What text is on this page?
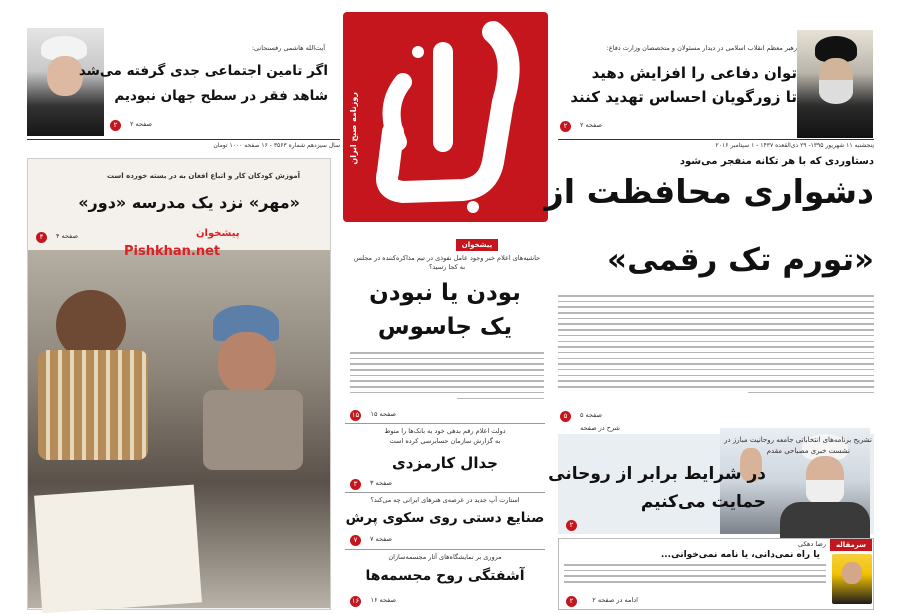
روزنامه صبح ایران
رهبر معظم انقلاب اسلامی در دیدار مسئولان و متخصصان وزارت دفاع:
توان دفاعی را افزایش دهید
تا زورگویان احساس تهدید کنند
صفحه ۲
۲
آیت‌الله هاشمی رفسنجانی:
اگر تامین اجتماعی جدی گرفته می‌شد
شاهد فقر در سطح جهان نبودیم
صفحه ۲
۲
پنجشنبه ۱۱ شهریور ۱۳۹۵- ۲۹ ذی‌القعده ۱۴۳۷ - ۱ سپتامبر ۲۰۱۶
سال سیزدهم شماره ۳۵۶۳ - ۱۶ صفحه ۱۰۰۰ تومان
دستاوردی که با هر تکانه منفجر می‌شود
دشواری محافظت از
«تورم تک رقمی»
صفحه ۵
۵
آموزش کودکان کار و اتباع افغان به در بسته خورده است
«مهر» نزد یک مدرسه «دور»
صفحه ۴
۴
Pishkhan.net
پیشخوان
پیشخوان
حاشیه‌های اعلام خبر وجود عامل نفوذی در تیم مذاکره‌کننده در مجلس به کجا رسید؟
بودن یا نبودن
یک جاسوس
صفحه ۱۵
۱۵
دولت اعلام رقم بدهی خود به بانک‌ها را منوط
به گزارش سازمان حسابرسی کرده است
جدال کارمزدی
صفحه ۳
۳
استارت آپ جدید در عرصه‌ی هنرهای ایرانی چه می‌کند؟
صنایع دستی روی سکوی پرش
صفحه ۷
۷
مروری بر نمایشگاه‌های آثار مجسمه‌سازان
آشفتگی روح مجسمه‌ها
صفحه ۱۶
۱۶
شرح در صفحه
تشریح برنامه‌های انتخاباتی جامعه روحانیت مبارز در
نشست خبری مصباحی مقدم
در شرایط برابر از روحانی
حمایت می‌کنیم
۲
سرمقاله
رضا دهکی
یا راه نمی‌دانی، یا نامه نمی‌خوانی...
ادامه در صفحه ۲
۲
